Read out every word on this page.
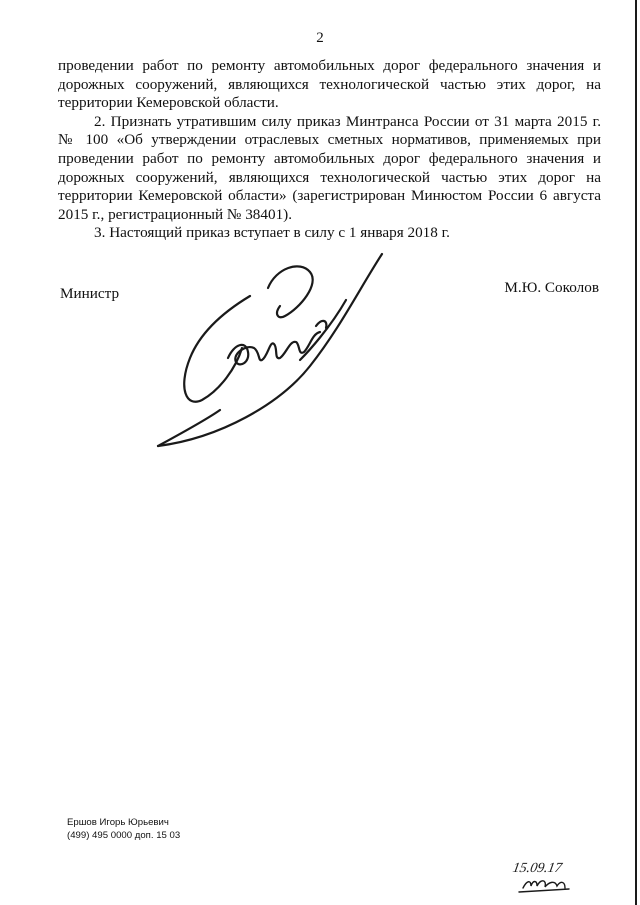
2

проведении работ по ремонту автомобильных дорог федерального значения и дорожных сооружений, являющихся технологической частью этих дорог, на территории Кемеровской области.

2. Признать утратившим силу приказ Минтранса России от 31 марта 2015 г. № 100 «Об утверждении отраслевых сметных нормативов, применяемых при проведении работ по ремонту автомобильных дорог федерального значения и дорожных сооружений, являющихся технологической частью этих дорог на территории Кемеровской области» (зарегистрирован Минюстом России 6 августа 2015 г., регистрационный № 38401).

3. Настоящий приказ вступает в силу с 1 января 2018 г.

Министр	М.Ю. Соколов
Ершов Игорь Юрьевич
(499) 495 0000 доп. 15 03
15.09.17
